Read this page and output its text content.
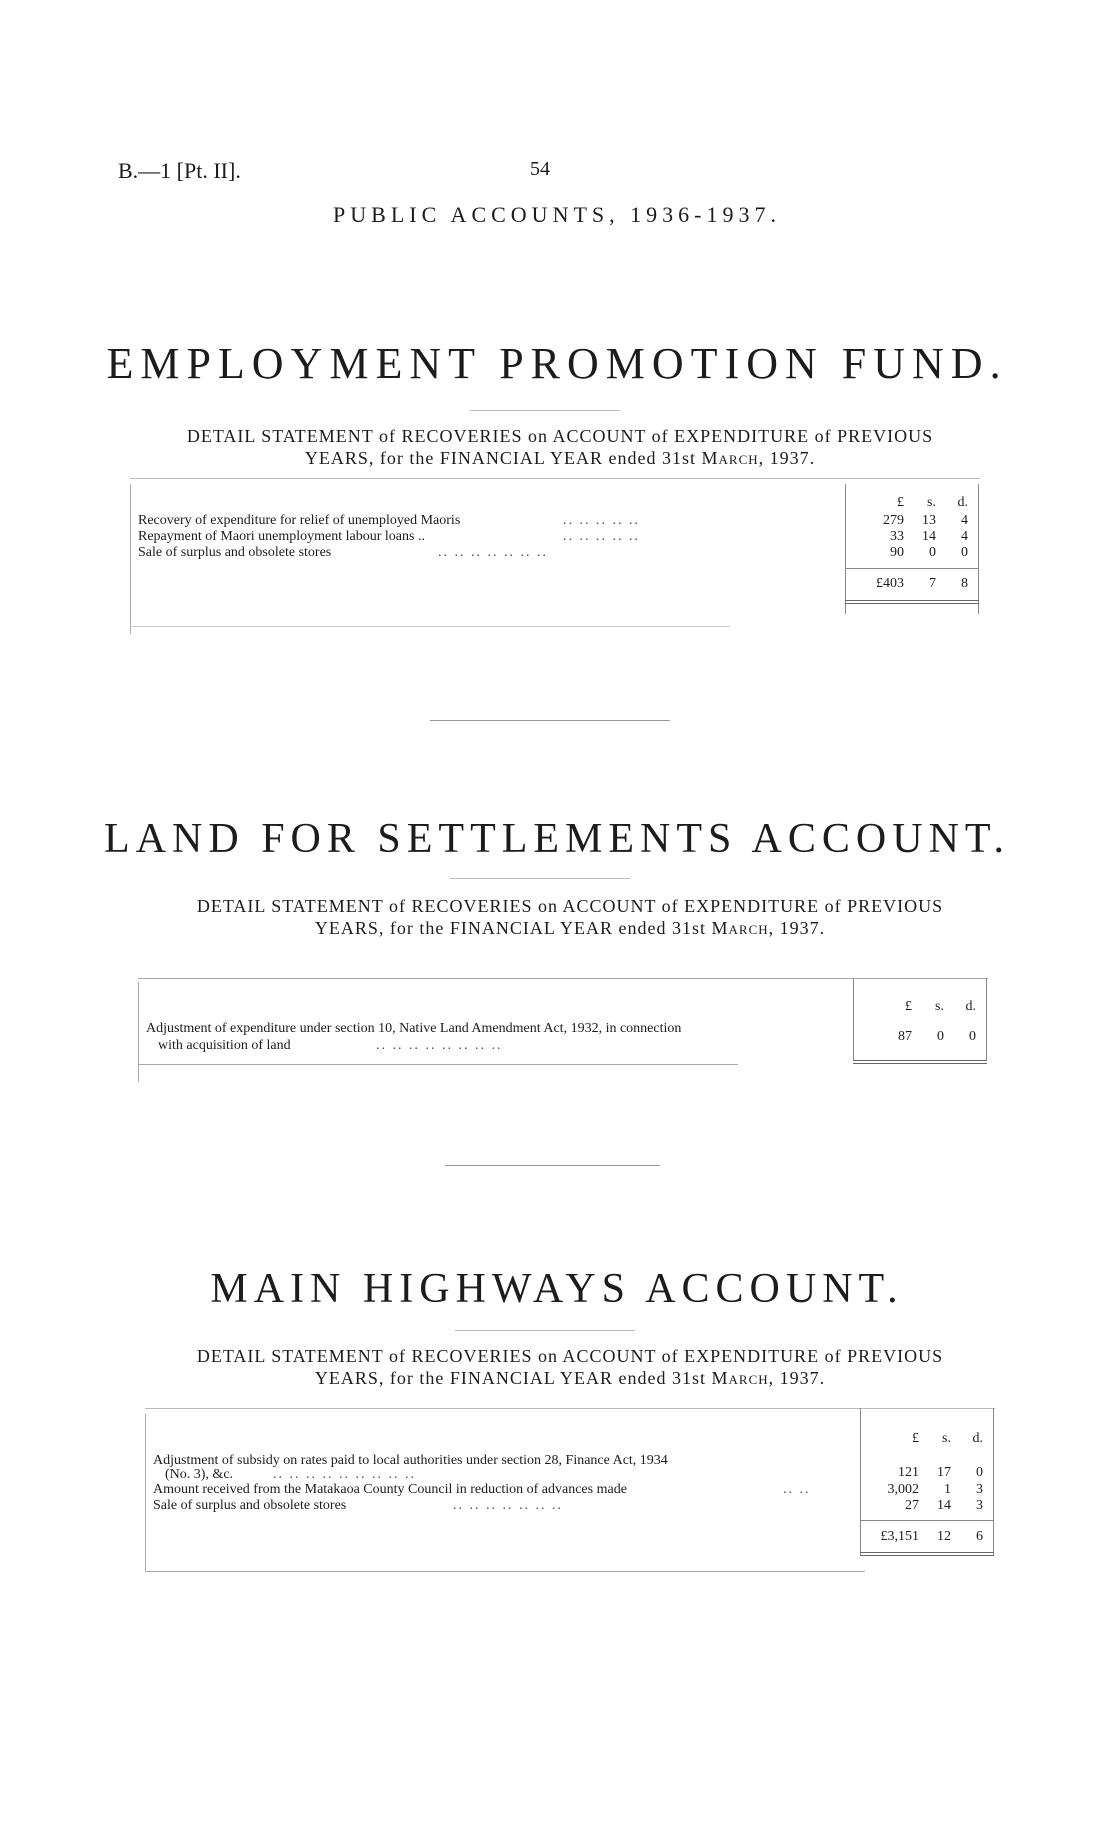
B.—1 [Pt. II].	54
PUBLIC ACCOUNTS, 1936-1937.
EMPLOYMENT PROMOTION FUND.
DETAIL STATEMENT of RECOVERIES on ACCOUNT of EXPENDITURE of PREVIOUS
YEARS, for the FINANCIAL YEAR ended 31st March, 1937.
£	s.	d.
Recovery of expenditure for relief of unemployed Maoris	.. .. .. .. ..	279	13	4
Repayment of Maori unemployment labour loans ..	.. .. .. .. ..	33	14	4
Sale of surplus and obsolete stores	.. .. .. .. .. .. ..	90	0	0
£403	7	8
LAND FOR SETTLEMENTS ACCOUNT.
DETAIL STATEMENT of RECOVERIES on ACCOUNT of EXPENDITURE of PREVIOUS
YEARS, for the FINANCIAL YEAR ended 31st March, 1937.
£	s.	d.
Adjustment of expenditure under section 10, Native Land Amendment Act, 1932, in connection
with acquisition of land	.. .. .. .. .. .. .. ..
87	0	0
MAIN HIGHWAYS ACCOUNT.
DETAIL STATEMENT of RECOVERIES on ACCOUNT of EXPENDITURE of PREVIOUS
YEARS, for the FINANCIAL YEAR ended 31st March, 1937.
£	s.	d.
Adjustment of subsidy on rates paid to local authorities under section 28, Finance Act, 1934
(No. 3), &c.	.. .. .. .. .. .. .. .. ..	121	17	0
Amount received from the Matakaoa County Council in reduction of advances made	.. ..	3,002	1	3
Sale of surplus and obsolete stores	.. .. .. .. .. .. ..	27	14	3
£3,151	12	6
